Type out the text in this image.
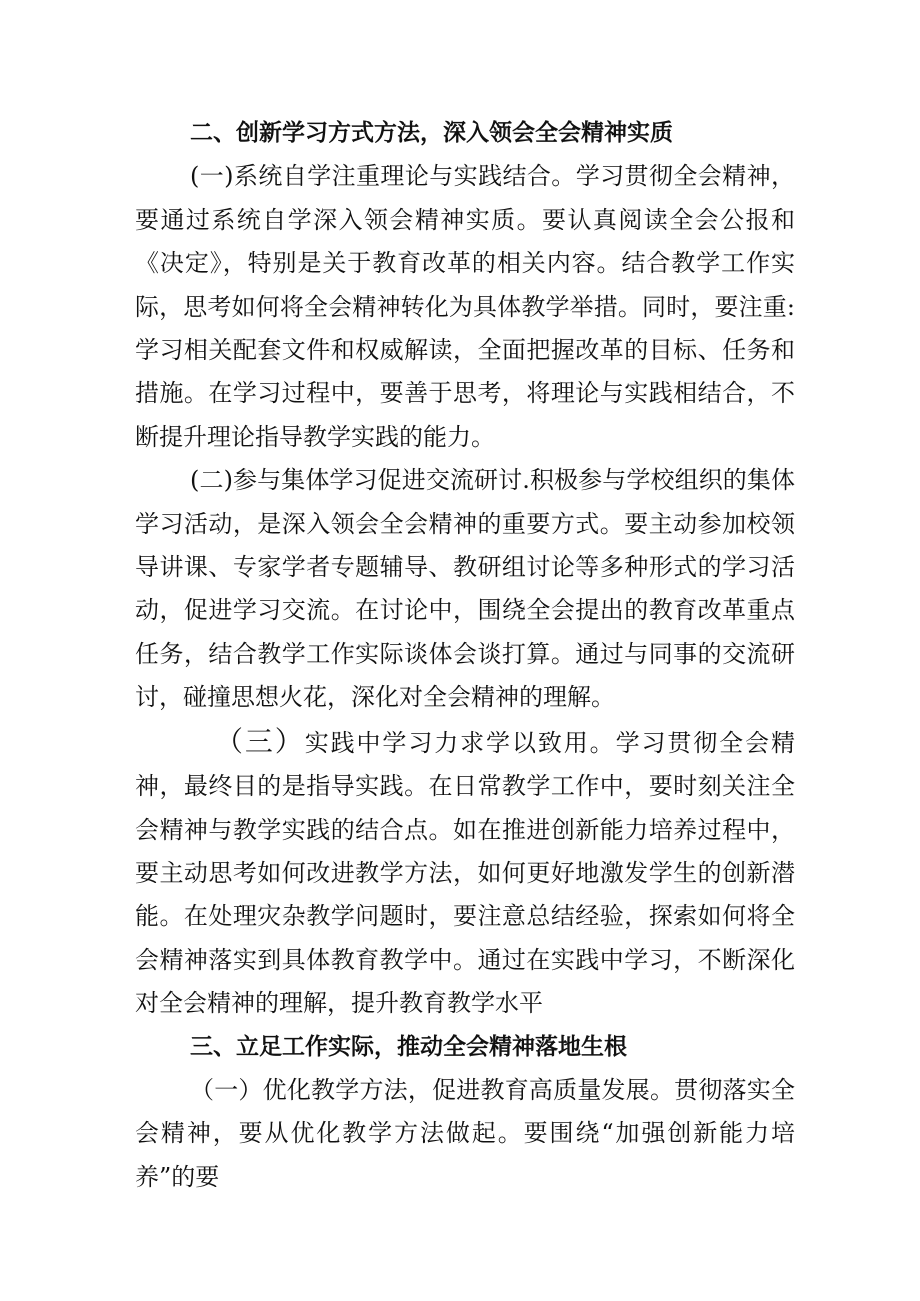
二、创新学习方式方法，深入领会全会精神实质

(一)系统自学注重理论与实践结合。学习贯彻全会精神，要通过系统自学深入领会精神实质。要认真阅读全会公报和《决定》，特别是关于教育改革的相关内容。结合教学工作实际，思考如何将全会精神转化为具体教学举措。同时，要注重:学习相关配套文件和权威解读，全面把握改革的目标、任务和措施。在学习过程中，要善于思考，将理论与实践相结合，不断提升理论指导教学实践的能力。

(二)参与集体学习促进交流研讨.积极参与学校组织的集体学习活动，是深入领会全会精神的重要方式。要主动参加校领导讲课、专家学者专题辅导、教研组讨论等多种形式的学习活动，促进学习交流。在讨论中，围绕全会提出的教育改革重点任务，结合教学工作实际谈体会谈打算。通过与同事的交流研讨，碰撞思想火花，深化对全会精神的理解。

（三）实践中学习力求学以致用。学习贯彻全会精神，最终目的是指导实践。在日常教学工作中，要时刻关注全会精神与教学实践的结合点。如在推进创新能力培养过程中，要主动思考如何改进教学方法，如何更好地激发学生的创新潜能。在处理灾杂教学问题时，要注意总结经验，探索如何将全会精神落实到具体教育教学中。通过在实践中学习，不断深化对全会精神的理解，提升教育教学水平

三、立足工作实际，推动全会精神落地生根

（一）优化教学方法，促进教育高质量发展。贯彻落实全会精神，要从优化教学方法做起。要围绕“加强创新能力培养”的要
